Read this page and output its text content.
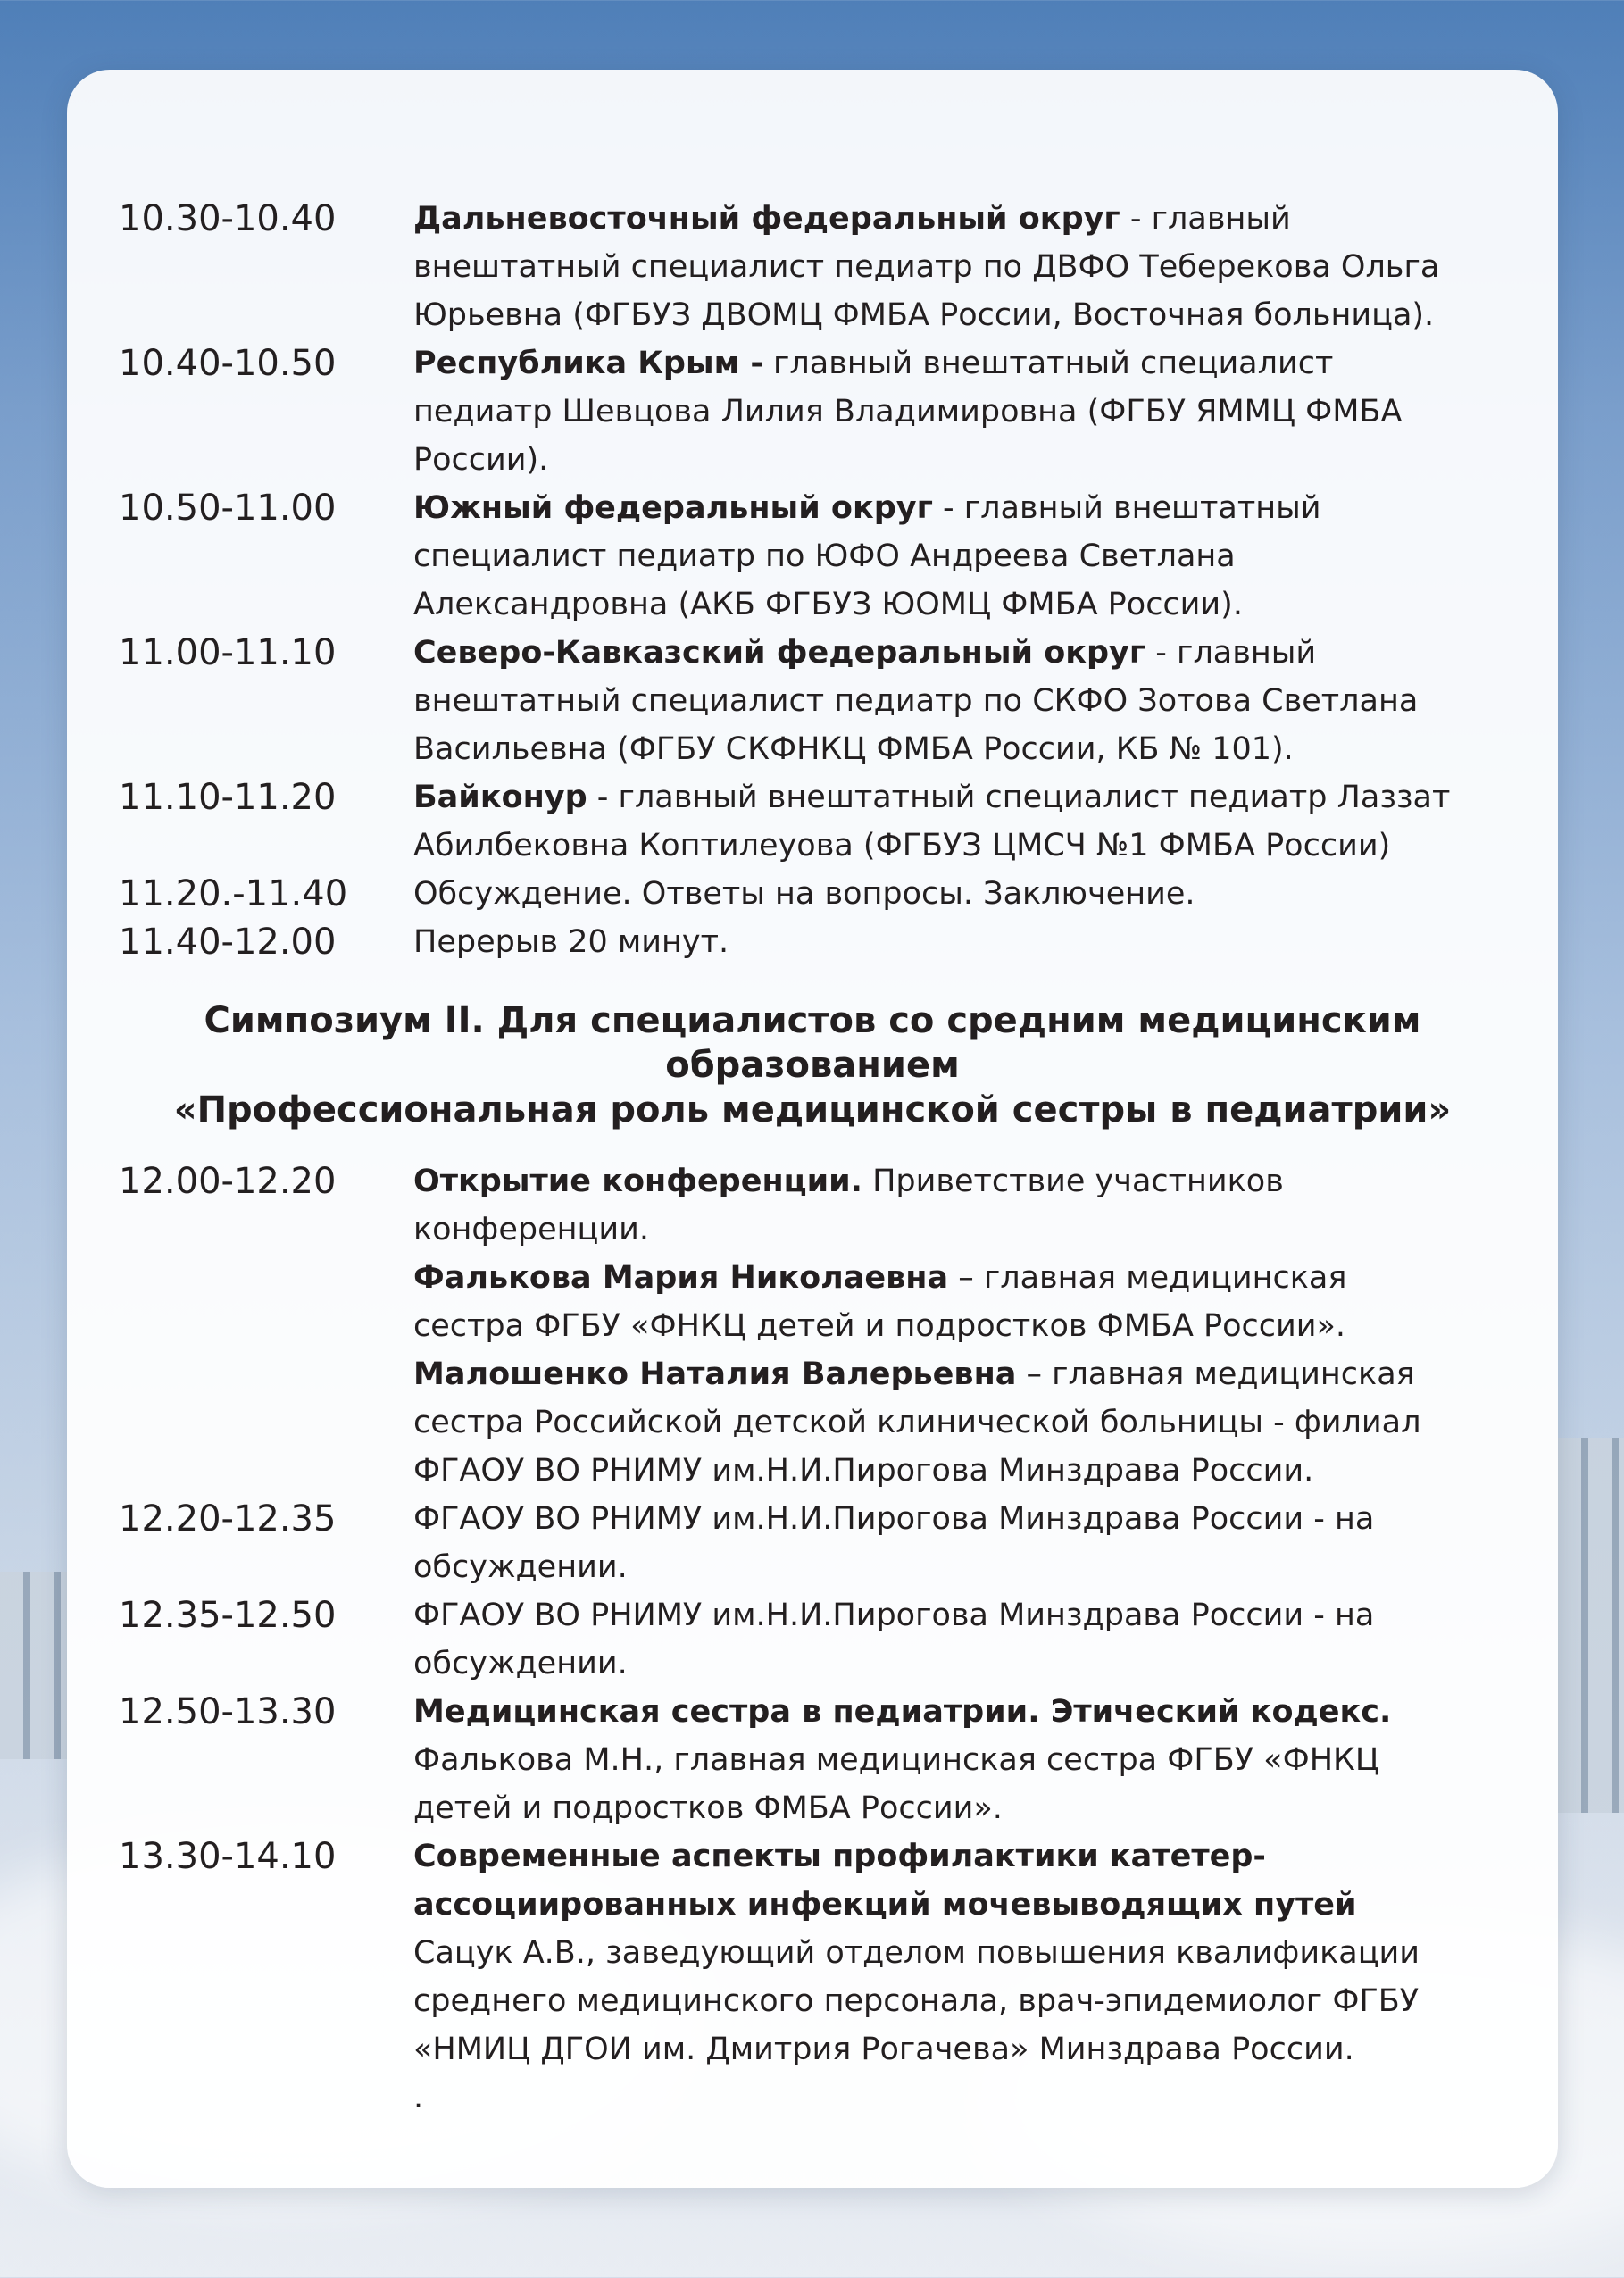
10.30-10.40	Дальневосточный федеральный округ - главный внештатный специалист педиатр по ДВФО Теберекова Ольга Юрьевна (ФГБУЗ ДВОМЦ ФМБА России, Восточная больница).
10.40-10.50	Республика Крым - главный внештатный специалист педиатр Шевцова Лилия Владимировна (ФГБУ ЯММЦ ФМБА России).
10.50-11.00	Южный федеральный округ - главный внештатный специалист педиатр по ЮФО Андреева Светлана Александровна (АКБ ФГБУЗ ЮОМЦ ФМБА России).
11.00-11.10	Северо-Кавказский федеральный округ - главный внештатный специалист педиатр по СКФО Зотова Светлана Васильевна (ФГБУ СКФНКЦ ФМБА России, КБ № 101).
11.10-11.20	Байконур - главный внештатный специалист педиатр Лаззат Абилбековна Коптилеуова (ФГБУЗ ЦМСЧ №1 ФМБА России)
11.20.-11.40	Обсуждение. Ответы на вопросы. Заключение.
11.40-12.00	Перерыв 20 минут.
Симпозиум II. Для специалистов со средним медицинским образованием
«Профессиональная роль медицинской сестры в педиатрии»
12.00-12.20	Открытие конференции. Приветствие участников конференции.
Фалькова Мария Николаевна – главная медицинская сестра ФГБУ «ФНКЦ детей и подростков ФМБА России».
Малошенко Наталия Валерьевна – главная медицинская сестра Российской детской клинической больницы - филиал ФГАОУ ВО РНИМУ им.Н.И.Пирогова Минздрава России.
12.20-12.35	ФГАОУ ВО РНИМУ им.Н.И.Пирогова Минздрава России - на обсуждении.
12.35-12.50	ФГАОУ ВО РНИМУ им.Н.И.Пирогова Минздрава России - на обсуждении.
12.50-13.30	Медицинская сестра в педиатрии. Этический кодекс.
Фалькова М.Н., главная медицинская сестра ФГБУ «ФНКЦ детей и подростков ФМБА России».
13.30-14.10	Современные аспекты профилактики катетер-ассоциированных инфекций мочевыводящих путей
Сацук А.В., заведующий отделом повышения квалификации среднего медицинского персонала, врач-эпидемиолог ФГБУ «НМИЦ ДГОИ им. Дмитрия Рогачева» Минздрава России.
.
